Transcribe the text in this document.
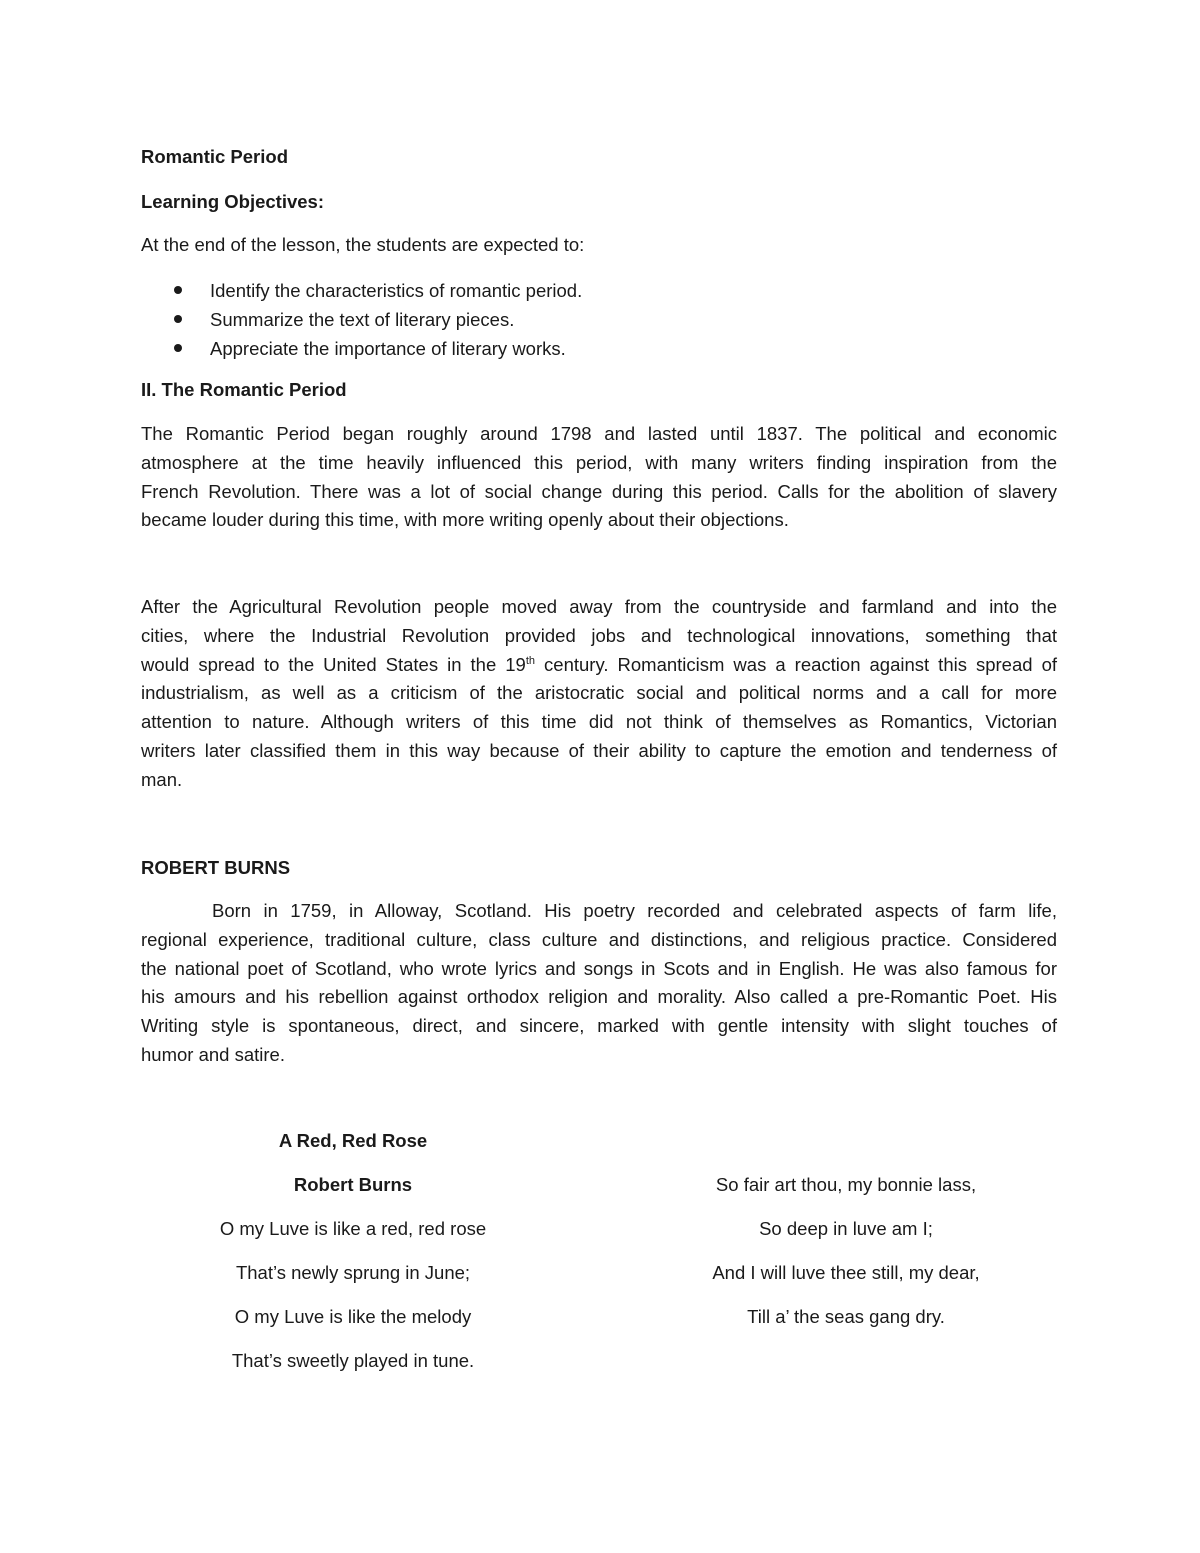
Romantic Period
Learning Objectives:
At the end of the lesson, the students are expected to:
Identify the characteristics of romantic period.
Summarize the text of literary pieces.
Appreciate the importance of literary works.
II. The Romantic Period
The Romantic Period began roughly around 1798 and lasted until 1837. The political and economic
atmosphere at the time heavily influenced this period, with many writers finding inspiration from the
French Revolution. There was a lot of social change during this period. Calls for the abolition of slavery
became louder during this time, with more writing openly about their objections.
After the Agricultural Revolution people moved away from the countryside and farmland and into the
cities, where the Industrial Revolution provided jobs and technological innovations, something that
would spread to the United States in the 19th century. Romanticism was a reaction against this spread of
industrialism, as well as a criticism of the aristocratic social and political norms and a call for more
attention to nature. Although writers of this time did not think of themselves as Romantics, Victorian
writers later classified them in this way because of their ability to capture the emotion and tenderness of
man.
ROBERT BURNS
Born in 1759, in Alloway, Scotland. His poetry recorded and celebrated aspects of farm life,
regional experience, traditional culture, class culture and distinctions, and religious practice. Considered
the national poet of Scotland, who wrote lyrics and songs in Scots and in English. He was also famous for
his amours and his rebellion against orthodox religion and morality. Also called a pre-Romantic Poet. His
Writing style is spontaneous, direct, and sincere, marked with gentle intensity with slight touches of
humor and satire.
A Red, Red Rose
Robert Burns
O my Luve is like a red, red rose
That’s newly sprung in June;
O my Luve is like the melody
That’s sweetly played in tune.
So fair art thou, my bonnie lass,
So deep in luve am I;
And I will luve thee still, my dear,
Till a’ the seas gang dry.
